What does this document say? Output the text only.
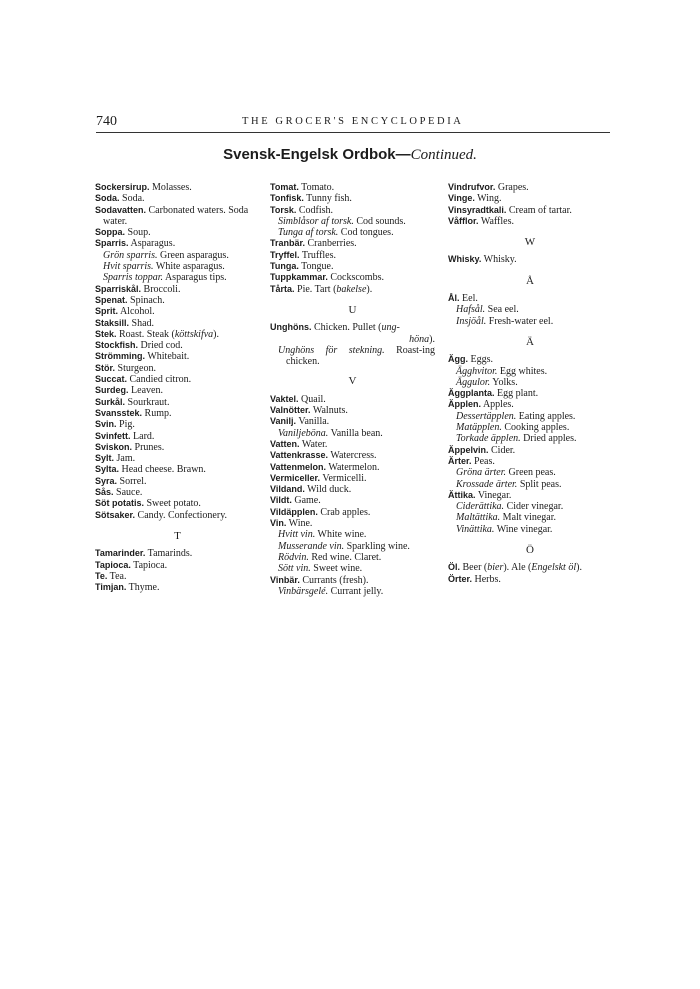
740	THE GROCER'S ENCYCLOPEDIA
Svensk-Engelsk Ordbok—Continued.

Sockersirup. Molasses.

Soda. Soda.

Sodavatten. Carbonated waters. Soda water.

Soppa. Soup.

Sparris. Asparagus.

Grön sparris. Green asparagus.

Hvit sparris. White asparagus.

Sparris toppar. Asparagus tips.

Sparriskål. Broccoli.

Spenat. Spinach.

Sprit. Alcohol.

Staksill. Shad.

Stek. Roast. Steak (köttskifva).

Stockfish. Dried cod.

Strömming. Whitebait.

Stör. Sturgeon.

Succat. Candied citron.

Surdeg. Leaven.

Surkål. Sourkraut.

Svansstek. Rump.

Svin. Pig.

Svinfett. Lard.

Sviskon. Prunes.

Sylt. Jam.

Sylta. Head cheese. Brawn.

Syra. Sorrel.

Sås. Sauce.

Söt potatis. Sweet potato.

Sötsaker. Candy. Confectionery.

T

Tamarinder. Tamarinds.

Tapioca. Tapioca.

Te. Tea.

Timjan. Thyme.

Tomat. Tomato.

Tonfisk. Tunny fish.

Torsk. Codfish.

Simblåsor af torsk. Cod sounds.

Tunga af torsk. Cod tongues.

Tranbär. Cranberries.

Tryffel. Truffles.

Tunga. Tongue.

Tuppkammar. Cockscombs.

Tårta. Pie. Tart (bakelse).

U

Unghöns. Chicken. Pullet (ung-
höna).

Unghöns för stekning. Roast-ing chicken.

V

Vaktel. Quail.

Valnötter. Walnuts.

Vanilj. Vanilla.

Vaniljeböna. Vanilla bean.

Vatten. Water.

Vattenkrasse. Watercress.

Vattenmelon. Watermelon.

Vermiceller. Vermicelli.

Vildand. Wild duck.

Vildt. Game.

Vildäpplen. Crab apples.

Vin. Wine.

Hvitt vin. White wine.

Musserande vin. Sparkling wine.

Rödvin. Red wine. Claret.

Sött vin. Sweet wine.

Vinbär. Currants (fresh).

Vinbärsgelé. Currant jelly.

Vindrufvor. Grapes.

Vinge. Wing.

Vinsyradtkali. Cream of tartar.

Våfflor. Waffles.

W

Whisky. Whisky.

Å

Ål. Eel.

Hafsål. Sea eel.

Insjöål. Fresh-water eel.

Ä

Ägg. Eggs.

Ägghvitor. Egg whites.

Äggulor. Yolks.

Äggplanta. Egg plant.

Äpplen. Apples.

Dessertäpplen. Eating apples.

Matäpplen. Cooking apples.

Torkade äpplen. Dried apples.

Äppelvin. Cider.

Ärter. Peas.

Gröna ärter. Green peas.

Krossade ärter. Split peas.

Ättika. Vinegar.

Ciderättika. Cider vinegar.

Maltättika. Malt vinegar.

Vinättika. Wine vinegar.

Ö

Öl. Beer (bier). Ale (Engelskt öl).

Örter. Herbs.
